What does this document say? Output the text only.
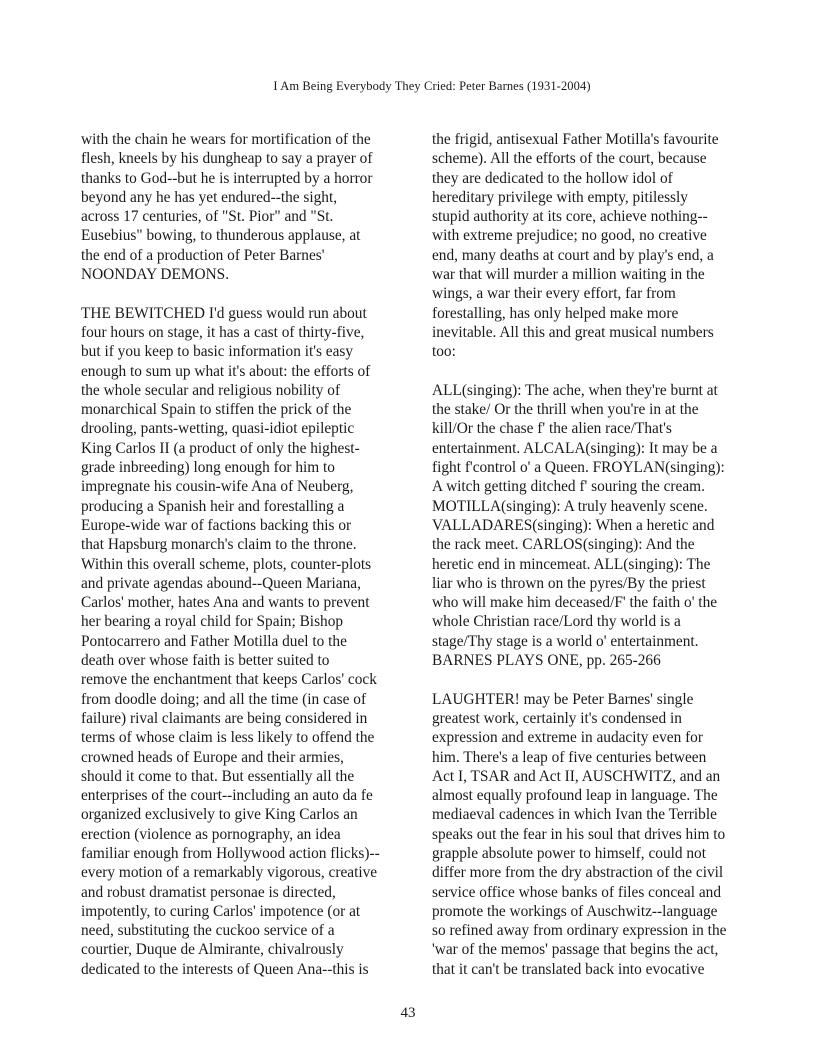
I Am Being Everybody They Cried: Peter Barnes (1931-2004)
with the chain he wears for mortification of the
flesh, kneels by his dungheap to say a prayer of
thanks to God--but he is interrupted by a horror
beyond any he has yet endured--the sight,
across 17 centuries, of "St. Pior" and "St.
Eusebius" bowing, to thunderous applause, at
the end of a production of Peter Barnes'
NOONDAY DEMONS.
THE BEWITCHED I'd guess would run about
four hours on stage, it has a cast of thirty-five,
but if you keep to basic information it's easy
enough to sum up what it's about: the efforts of
the whole secular and religious nobility of
monarchical Spain to stiffen the prick of the
drooling, pants-wetting, quasi-idiot epileptic
King Carlos II (a product of only the highest-
grade inbreeding) long enough for him to
impregnate his cousin-wife Ana of Neuberg,
producing a Spanish heir and forestalling a
Europe-wide war of factions backing this or
that Hapsburg monarch's claim to the throne.
Within this overall scheme, plots, counter-plots
and private agendas abound--Queen Mariana,
Carlos' mother, hates Ana and wants to prevent
her bearing a royal child for Spain; Bishop
Pontocarrero and Father Motilla duel to the
death over whose faith is better suited to
remove the enchantment that keeps Carlos' cock
from doodle doing; and all the time (in case of
failure) rival claimants are being considered in
terms of whose claim is less likely to offend the
crowned heads of Europe and their armies,
should it come to that. But essentially all the
enterprises of the court--including an auto da fe
organized exclusively to give King Carlos an
erection (violence as pornography, an idea
familiar enough from Hollywood action flicks)--
every motion of a remarkably vigorous, creative
and robust dramatist personae is directed,
impotently, to curing Carlos' impotence (or at
need, substituting the cuckoo service of a
courtier, Duque de Almirante, chivalrously
dedicated to the interests of Queen Ana--this is
the frigid, antisexual Father Motilla's favourite
scheme). All the efforts of the court, because
they are dedicated to the hollow idol of
hereditary privilege with empty, pitilessly
stupid authority at its core, achieve nothing--
with extreme prejudice; no good, no creative
end, many deaths at court and by play's end, a
war that will murder a million waiting in the
wings, a war their every effort, far from
forestalling, has only helped make more
inevitable. All this and great musical numbers
too:
ALL(singing): The ache, when they're burnt at
the stake/ Or the thrill when you're in at the
kill/Or the chase f' the alien race/That's
entertainment. ALCALA(singing): It may be a
fight f'control o' a Queen. FROYLAN(singing):
A witch getting ditched f' souring the cream.
MOTILLA(singing): A truly heavenly scene.
VALLADARES(singing): When a heretic and
the rack meet. CARLOS(singing): And the
heretic end in mincemeat. ALL(singing): The
liar who is thrown on the pyres/By the priest
who will make him deceased/F' the faith o' the
whole Christian race/Lord thy world is a
stage/Thy stage is a world o' entertainment.
BARNES PLAYS ONE, pp. 265-266
LAUGHTER! may be Peter Barnes' single
greatest work, certainly it's condensed in
expression and extreme in audacity even for
him. There's a leap of five centuries between
Act I, TSAR and Act II, AUSCHWITZ, and an
almost equally profound leap in language. The
mediaeval cadences in which Ivan the Terrible
speaks out the fear in his soul that drives him to
grapple absolute power to himself, could not
differ more from the dry abstraction of the civil
service office whose banks of files conceal and
promote the workings of Auschwitz--language
so refined away from ordinary expression in the
'war of the memos' passage that begins the act,
that it can't be translated back into evocative
43
